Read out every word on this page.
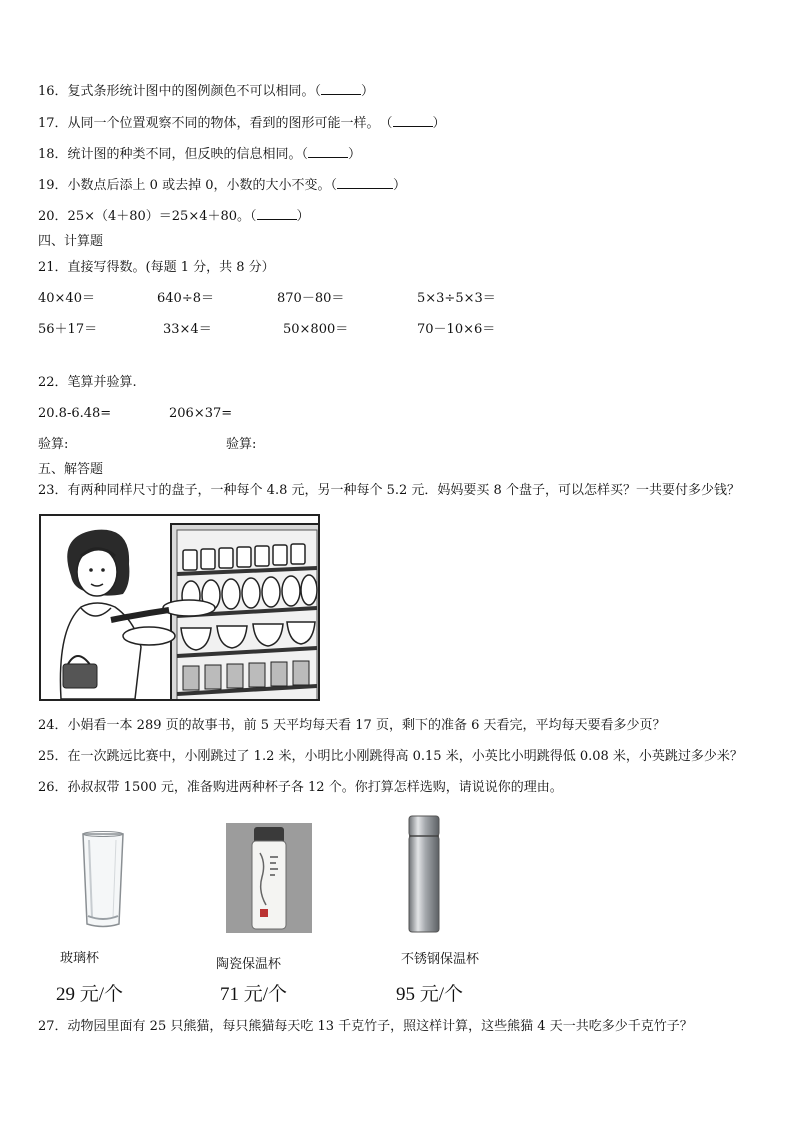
16．复式条形统计图中的图例颜色不可以相同。（	）
17．从同一个位置观察不同的物体，看到的图形可能一样。　（	）
18．统计图的种类不同，但反映的信息相同。（	）
19．小数点后添上 0 或去掉 0，小数的大小不变。（	）
20．25×（4＋80）＝25×4＋80。（	）
四、计算题
21．直接写得数。(每题 1 分，共 8 分）
40×40＝	640÷8＝	870－80＝	5×3÷5×3＝
56＋17＝	33×4＝	50×800＝	70－10×6＝
22．笔算并验算.
20.8-6.48=	206×37=
验算:	验算:
五、解答题
23．有两种同样尺寸的盘子，一种每个 4.8 元，另一种每个 5.2 元．妈妈要买 8 个盘子，可以怎样买？一共要付多少钱？
24．小娟看一本 289 页的故事书，前 5 天平均每天看 17 页，剩下的准备 6 天看完，平均每天要看多少页？
25．在一次跳远比赛中，小刚跳过了 1.2 米，小明比小刚跳得高 0.15 米，小英比小明跳得低 0.08 米，小英跳过多少米？
26．孙叔叔带 1500 元，准备购进两种杯子各 12 个。你打算怎样选购，请说说你的理由。
玻璃杯	陶瓷保温杯	不锈钢保温杯
29 元/个	71 元/个	95 元/个
27．动物园里面有 25 只熊猫，每只熊猫每天吃 13 千克竹子，照这样计算，这些熊猫 4 天一共吃多少千克竹子？
